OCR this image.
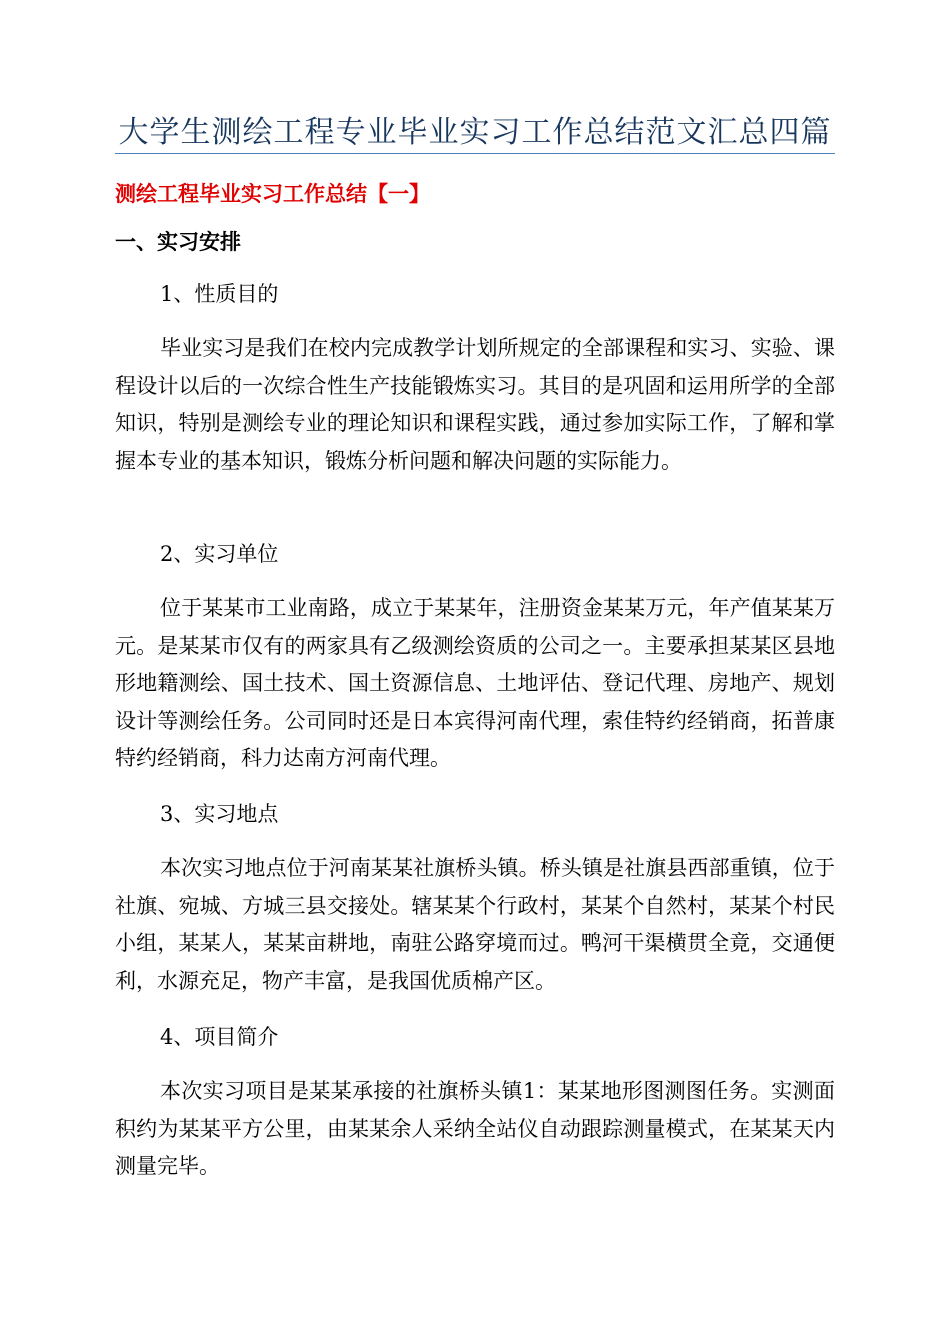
大学生测绘工程专业毕业实习工作总结范文汇总四篇
测绘工程毕业实习工作总结【一】
一、实习安排
1、性质目的

毕业实习是我们在校内完成教学计划所规定的全部课程和实习、实验、课程设计以后的一次综合性生产技能锻炼实习。其目的是巩固和运用所学的全部知识，特别是测绘专业的理论知识和课程实践，通过参加实际工作，了解和掌握本专业的基本知识，锻炼分析问题和解决问题的实际能力。

2、实习单位

位于某某市工业南路，成立于某某年，注册资金某某万元，年产值某某万元。是某某市仅有的两家具有乙级测绘资质的公司之一。主要承担某某区县地形地籍测绘、国土技术、国土资源信息、土地评估、登记代理、房地产、规划设计等测绘任务。公司同时还是日本宾得河南代理，索佳特约经销商，拓普康特约经销商，科力达南方河南代理。

3、实习地点

本次实习地点位于河南某某社旗桥头镇。桥头镇是社旗县西部重镇，位于社旗、宛城、方城三县交接处。辖某某个行政村，某某个自然村，某某个村民小组，某某人，某某亩耕地，南驻公路穿境而过。鸭河干渠横贯全竟，交通便利，水源充足，物产丰富，是我国优质棉产区。

4、项目简介

本次实习项目是某某承接的社旗桥头镇1：某某地形图测图任务。实测面积约为某某平方公里，由某某余人采纳全站仪自动跟踪测量模式，在某某天内测量完毕。
